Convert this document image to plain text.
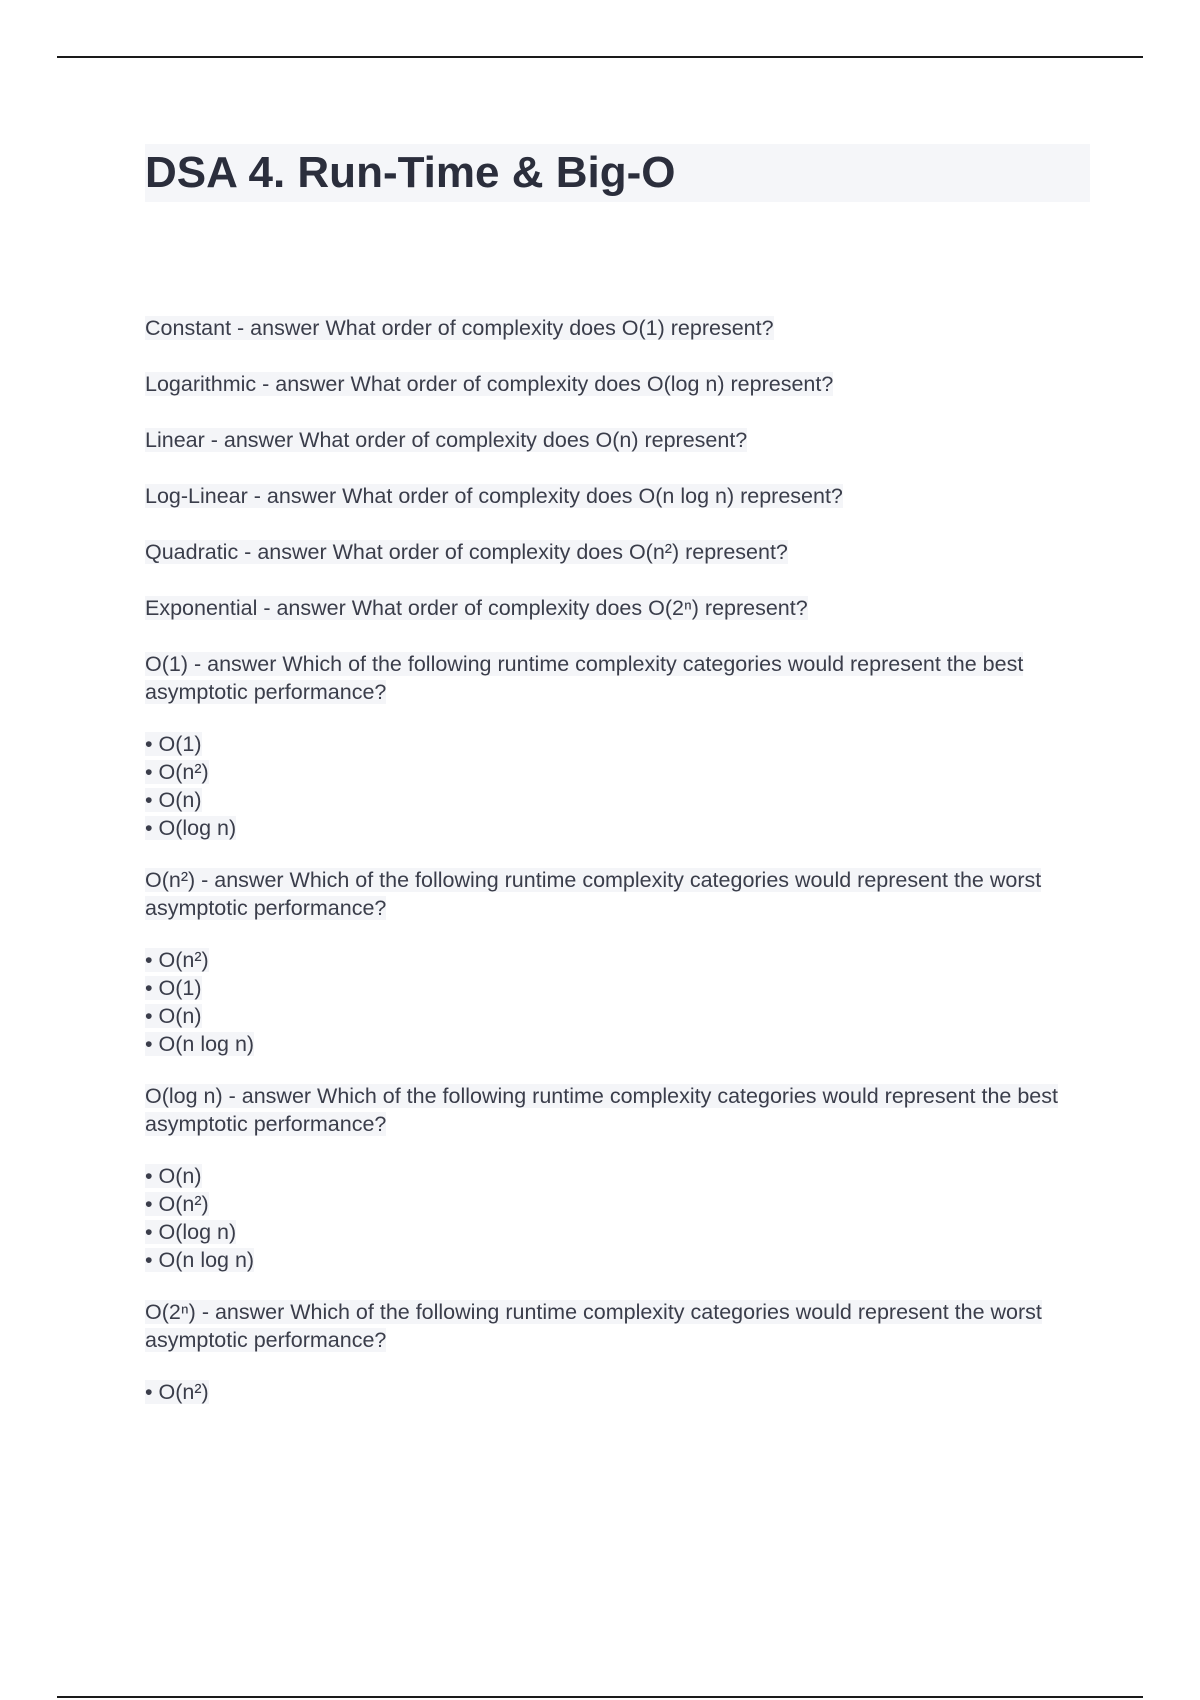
DSA 4. Run-Time & Big-O

Constant - answer What order of complexity does O(1) represent?

Logarithmic - answer What order of complexity does O(log n) represent?

Linear - answer What order of complexity does O(n) represent?

Log-Linear - answer What order of complexity does O(n log n) represent?

Quadratic - answer What order of complexity does O(n²) represent?

Exponential - answer What order of complexity does O(2ⁿ) represent?

O(1) - answer Which of the following runtime complexity categories would represent the best asymptotic performance?

• O(1)
• O(n²)
• O(n)
• O(log n)

O(n²) - answer Which of the following runtime complexity categories would represent the worst asymptotic performance?

• O(n²)
• O(1)
• O(n)
• O(n log n)

O(log n) - answer Which of the following runtime complexity categories would represent the best asymptotic performance?

• O(n)
• O(n²)
• O(log n)
• O(n log n)

O(2ⁿ) - answer Which of the following runtime complexity categories would represent the worst asymptotic performance?

• O(n²)
